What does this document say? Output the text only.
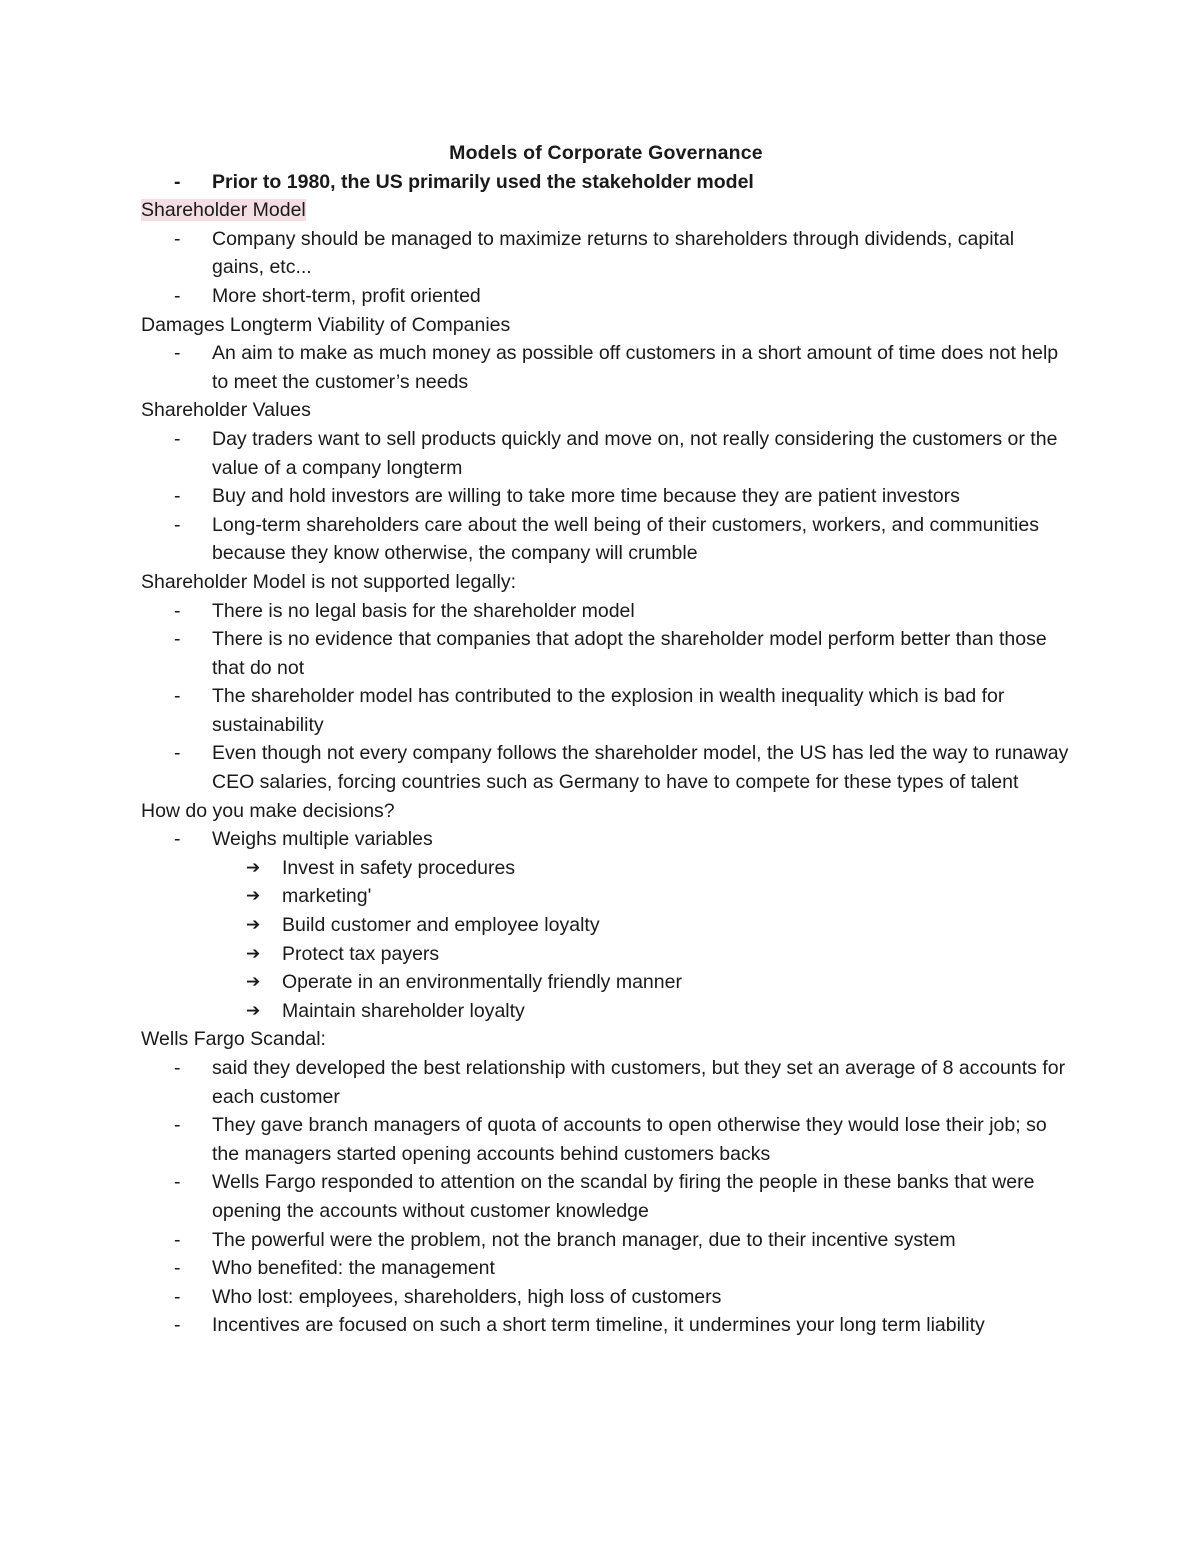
Models of Corporate Governance
- Prior to 1980, the US primarily used the stakeholder model
Shareholder Model
- Company should be managed to maximize returns to shareholders through dividends, capital gains, etc...
- More short-term, profit oriented
Damages Longterm Viability of Companies
- An aim to make as much money as possible off customers in a short amount of time does not help to meet the customer’s needs
Shareholder Values
- Day traders want to sell products quickly and move on, not really considering the customers or the value of a company longterm
- Buy and hold investors are willing to take more time because they are patient investors
- Long-term shareholders care about the well being of their customers, workers, and communities because they know otherwise, the company will crumble
Shareholder Model is not supported legally:
- There is no legal basis for the shareholder model
- There is no evidence that companies that adopt the shareholder model perform better than those that do not
- The shareholder model has contributed to the explosion in wealth inequality which is bad for sustainability
- Even though not every company follows the shareholder model, the US has led the way to runaway CEO salaries, forcing countries such as Germany to have to compete for these types of talent
How do you make decisions?
- Weighs multiple variables
➔ Invest in safety procedures
➔ marketing'
➔ Build customer and employee loyalty
➔ Protect tax payers
➔ Operate in an environmentally friendly manner
➔ Maintain shareholder loyalty
Wells Fargo Scandal:
- said they developed the best relationship with customers, but they set an average of 8 accounts for each customer
- They gave branch managers of quota of accounts to open otherwise they would lose their job; so the managers started opening accounts behind customers backs
- Wells Fargo responded to attention on the scandal by firing the people in these banks that were opening the accounts without customer knowledge
- The powerful were the problem, not the branch manager, due to their incentive system
- Who benefited: the management
- Who lost: employees, shareholders, high loss of customers
- Incentives are focused on such a short term timeline, it undermines your long term liability
